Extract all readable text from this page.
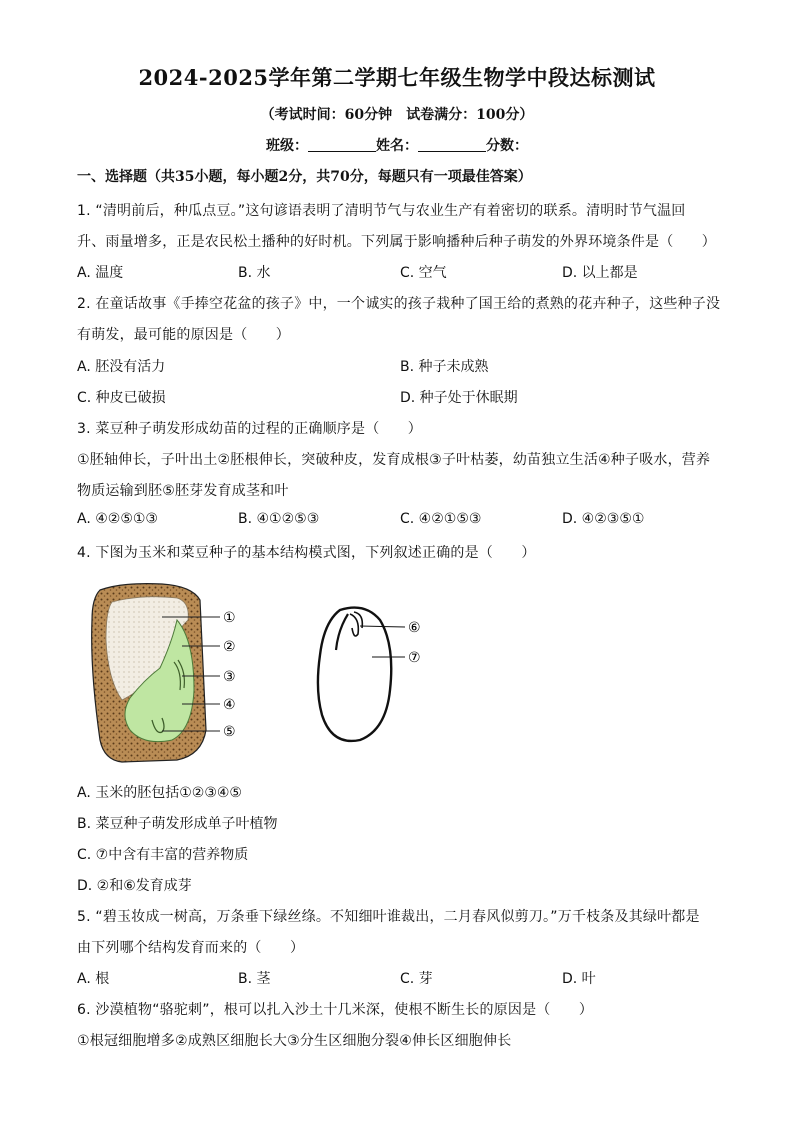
2024-2025学年第二学期七年级生物学中段达标测试
（考试时间：60分钟　试卷满分：100分）
班级：	姓名：	分数：
一、选择题（共35小题，每小题2分，共70分，每题只有一项最佳答案）
1. “清明前后，种瓜点豆。”这句谚语表明了清明节气与农业生产有着密切的联系。清明时节气温回
升、雨量增多，正是农民松土播种的好时机。下列属于影响播种后种子萌发的外界环境条件是（　　）
A. 温度	B. 水	C. 空气	D. 以上都是
2. 在童话故事《手捧空花盆的孩子》中，一个诚实的孩子栽种了国王给的煮熟的花卉种子，这些种子没
有萌发，最可能的原因是（　　）
A. 胚没有活力	B. 种子未成熟
C. 种皮已破损	D. 种子处于休眠期
3. 菜豆种子萌发形成幼苗的过程的正确顺序是（　　）
①胚轴伸长，子叶出土②胚根伸长，突破种皮，发育成根③子叶枯萎，幼苗独立生活④种子吸水，营养
物质运输到胚⑤胚芽发育成茎和叶
A. ④②⑤①③	B. ④①②⑤③	C. ④②①⑤③	D. ④②③⑤①
4. 下图为玉米和菜豆种子的基本结构模式图，下列叙述正确的是（　　）
①
②
③
④
⑤
⑥
⑦
A. 玉米的胚包括①②③④⑤
B. 菜豆种子萌发形成单子叶植物
C. ⑦中含有丰富的营养物质
D. ②和⑥发育成芽
5. “碧玉妆成一树高，万条垂下绿丝绦。不知细叶谁裁出，二月春风似剪刀。”万千枝条及其绿叶都是
由下列哪个结构发育而来的（　　）
A. 根	B. 茎	C. 芽	D. 叶
6. 沙漠植物“骆驼刺”，根可以扎入沙土十几米深，使根不断生长的原因是（　　）
①根冠细胞增多②成熟区细胞长大③分生区细胞分裂④伸长区细胞伸长
